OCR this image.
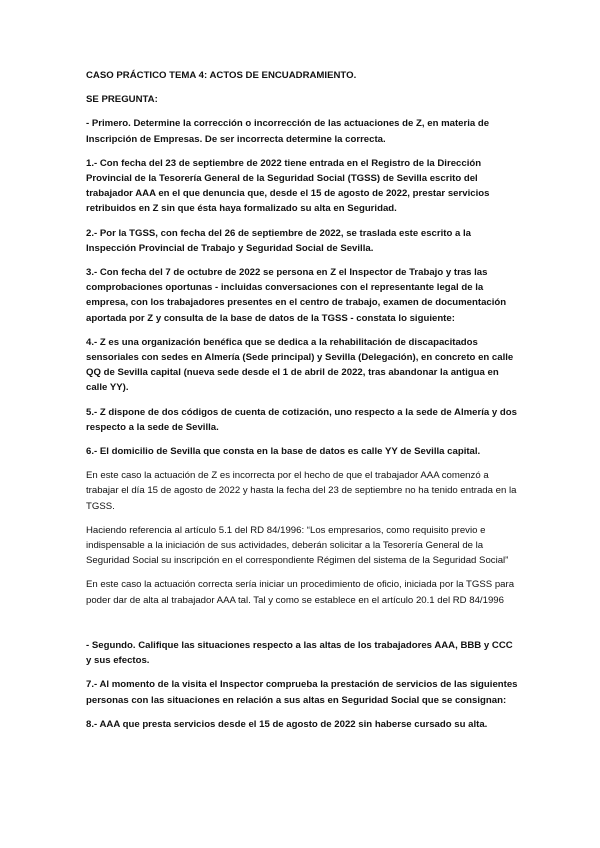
CASO PRÁCTICO TEMA 4: ACTOS DE ENCUADRAMIENTO.

SE PREGUNTA:

- Primero. Determine la corrección o incorrección de las actuaciones de Z, en materia de Inscripción de Empresas. De ser incorrecta determine la correcta.

1.- Con fecha del 23 de septiembre de 2022 tiene entrada en el Registro de la Dirección Provincial de la Tesorería General de la Seguridad Social (TGSS) de Sevilla escrito del trabajador AAA en el que denuncia que, desde el 15 de agosto de 2022, prestar servicios retribuidos en Z sin que ésta haya formalizado su alta en Seguridad.

2.- Por la TGSS, con fecha del 26 de septiembre de 2022, se traslada este escrito a la Inspección Provincial de Trabajo y Seguridad Social de Sevilla.

3.- Con fecha del 7 de octubre de 2022 se persona en Z el Inspector de Trabajo y tras las comprobaciones oportunas - incluidas conversaciones con el representante legal de la empresa, con los trabajadores presentes en el centro de trabajo, examen de documentación aportada por Z y consulta de la base de datos de la TGSS - constata lo siguiente:

4.- Z es una organización benéfica que se dedica a la rehabilitación de discapacitados sensoriales con sedes en Almería (Sede principal) y Sevilla (Delegación), en concreto en calle QQ de Sevilla capital (nueva sede desde el 1 de abril de 2022, tras abandonar la antigua en calle YY).

5.- Z dispone de dos códigos de cuenta de cotización, uno respecto a la sede de Almería y dos respecto a la sede de Sevilla.

6.- El domicilio de Sevilla que consta en la base de datos es calle YY de Sevilla capital.

En este caso la actuación de Z es incorrecta por el hecho de que el trabajador AAA comenzó a trabajar el día 15 de agosto de 2022 y hasta la fecha del 23 de septiembre no ha tenido entrada en la TGSS.

Haciendo referencia al artículo 5.1 del RD 84/1996: “Los empresarios, como requisito previo e indispensable a la iniciación de sus actividades, deberán solicitar a la Tesorería General de la Seguridad Social su inscripción en el correspondiente Régimen del sistema de la Seguridad Social”

En este caso la actuación correcta sería iniciar un procedimiento de oficio, iniciada por la TGSS para poder dar de alta al trabajador AAA tal. Tal y como se establece en el artículo 20.1 del RD 84/1996

- Segundo. Califique las situaciones respecto a las altas de los trabajadores AAA, BBB y CCC y sus efectos.

7.- Al momento de la visita el Inspector comprueba la prestación de servicios de las siguientes personas con las situaciones en relación a sus altas en Seguridad Social que se consignan:

8.- AAA que presta servicios desde el 15 de agosto de 2022 sin haberse cursado su alta.
